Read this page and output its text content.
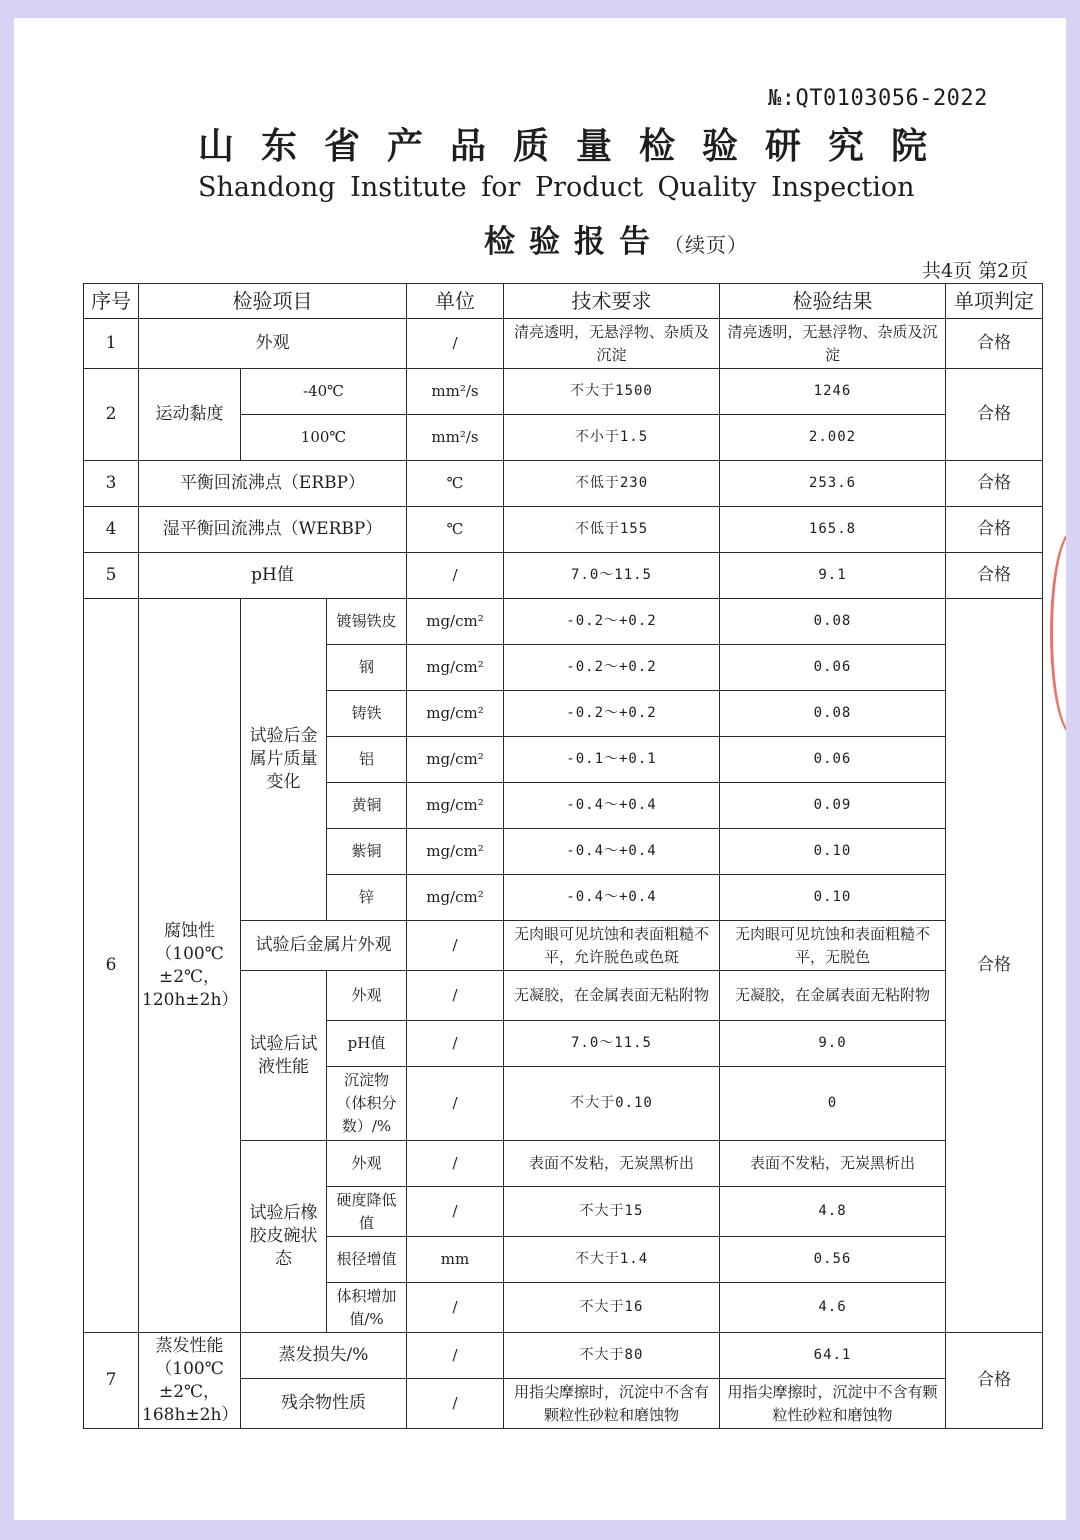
№:QT0103056-2022
山东省产品质量检验研究院
Shandong Institute for Product Quality Inspection
检验报告（续页）
共4页 第2页
序号	检验项目			单位	技术要求	检验结果	单项判定
1	外观			/	清亮透明，无悬浮物、杂质及沉淀	清亮透明，无悬浮物、杂质及沉淀	合格
2	运动黏度	-40℃		mm²/s	不大于1500	1246	合格
		100℃		mm²/s	不小于1.5	2.002	
3	平衡回流沸点（ERBP）			℃	不低于230	253.6	合格
4	湿平衡回流沸点（WERBP）			℃	不低于155	165.8	合格
5	pH值			/	7.0～11.5	9.1	合格
6	腐蚀性（100℃±2℃，120h±2h）	试验后金属片质量变化	镀锡铁皮	mg/cm²	-0.2～+0.2	0.08	合格
			钢	mg/cm²	-0.2～+0.2	0.06	
			铸铁	mg/cm²	-0.2～+0.2	0.08	
			铝	mg/cm²	-0.1～+0.1	0.06	
			黄铜	mg/cm²	-0.4～+0.4	0.09	
			紫铜	mg/cm²	-0.4～+0.4	0.10	
			锌	mg/cm²	-0.4～+0.4	0.10	
		试验后金属片外观		/	无肉眼可见坑蚀和表面粗糙不平，允许脱色或色斑	无肉眼可见坑蚀和表面粗糙不平，无脱色	
		试验后试液性能	外观	/	无凝胶，在金属表面无粘附物	无凝胶，在金属表面无粘附物	
			pH值	/	7.0～11.5	9.0	
			沉淀物（体积分数）/%	/	不大于0.10	0	
		试验后橡胶皮碗状态	外观	/	表面不发粘，无炭黑析出	表面不发粘，无炭黑析出	
			硬度降低值	/	不大于15	4.8	
			根径增值	mm	不大于1.4	0.56	
			体积增加值/%	/	不大于16	4.6	
7	蒸发性能（100℃±2℃，168h±2h）	蒸发损失/%		/	不大于80	64.1	合格
		残余物性质		/	用指尖摩擦时，沉淀中不含有颗粒性砂粒和磨蚀物	用指尖摩擦时，沉淀中不含有颗粒性砂粒和磨蚀物	
